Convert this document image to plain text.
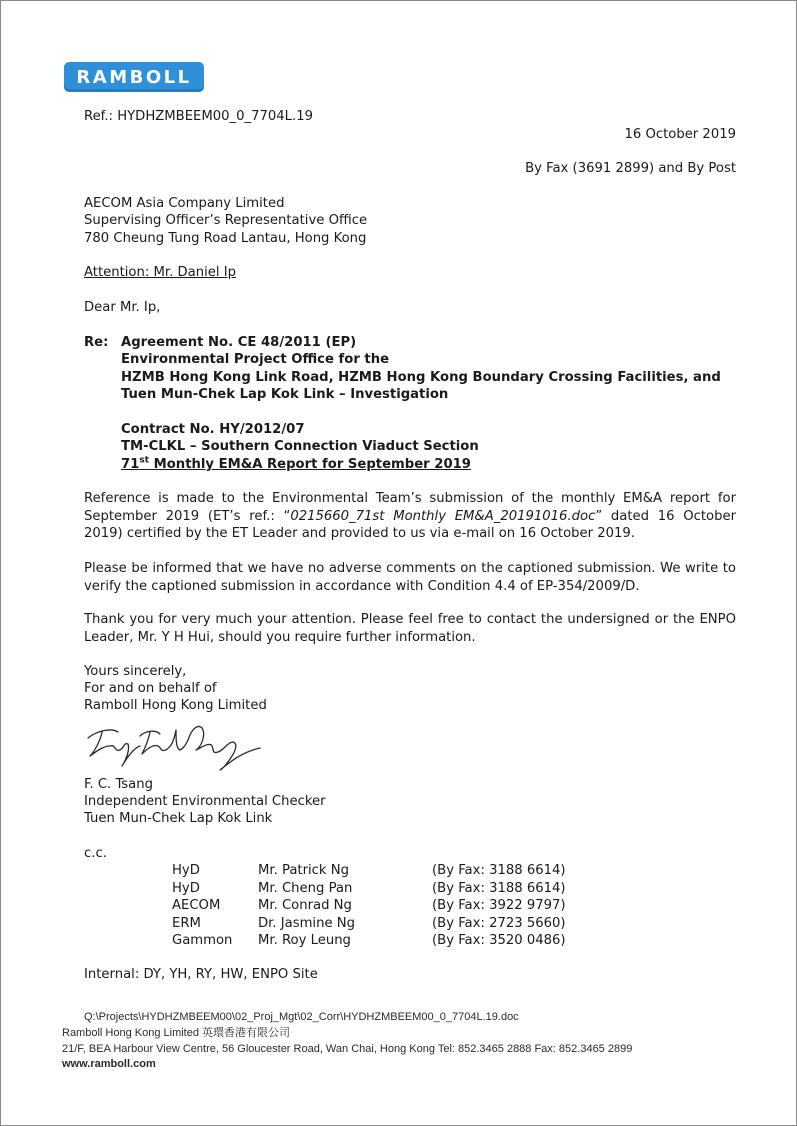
RAMBOLL
Ref.: HYDHZMBEEM00_0_7704L.19
16 October 2019
By Fax (3691 2899) and By Post
AECOM Asia Company Limited
Supervising Officer’s Representative Office
780 Cheung Tung Road Lantau, Hong Kong
Attention: Mr. Daniel Ip
Dear Mr. Ip,
Re: Agreement No. CE 48/2011 (EP)
Environmental Project Office for the
HZMB Hong Kong Link Road, HZMB Hong Kong Boundary Crossing Facilities, and
Tuen Mun-Chek Lap Kok Link – Investigation
Contract No. HY/2012/07
TM-CLKL – Southern Connection Viaduct Section
71st Monthly EM&A Report for September 2019
Reference is made to the Environmental Team’s submission of the monthly EM&A report for September 2019 (ET’s ref.: “0215660_71st Monthly EM&A_20191016.doc” dated 16 October 2019) certified by the ET Leader and provided to us via e-mail on 16 October 2019.
Please be informed that we have no adverse comments on the captioned submission. We write to verify the captioned submission in accordance with Condition 4.4 of EP-354/2009/D.
Thank you for very much your attention. Please feel free to contact the undersigned or the ENPO Leader, Mr. Y H Hui, should you require further information.
Yours sincerely,
For and on behalf of
Ramboll Hong Kong Limited
F. C. Tsang
Independent Environmental Checker
Tuen Mun-Chek Lap Kok Link
c.c.
HyD	Mr. Patrick Ng	(By Fax: 3188 6614)
HyD	Mr. Cheng Pan	(By Fax: 3188 6614)
AECOM	Mr. Conrad Ng	(By Fax: 3922 9797)
ERM	Dr. Jasmine Ng	(By Fax: 2723 5660)
Gammon Mr. Roy Leung	(By Fax: 3520 0486)
Internal: DY, YH, RY, HW, ENPO Site
Q:\Projects\HYDHZMBEEM00\02_Proj_Mgt\02_Corr\HYDHZMBEEM00_0_7704L.19.doc
Ramboll Hong Kong Limited 英環香港有限公司
21/F, BEA Harbour View Centre, 56 Gloucester Road, Wan Chai, Hong Kong Tel: 852.3465 2888 Fax: 852.3465 2899
www.ramboll.com
